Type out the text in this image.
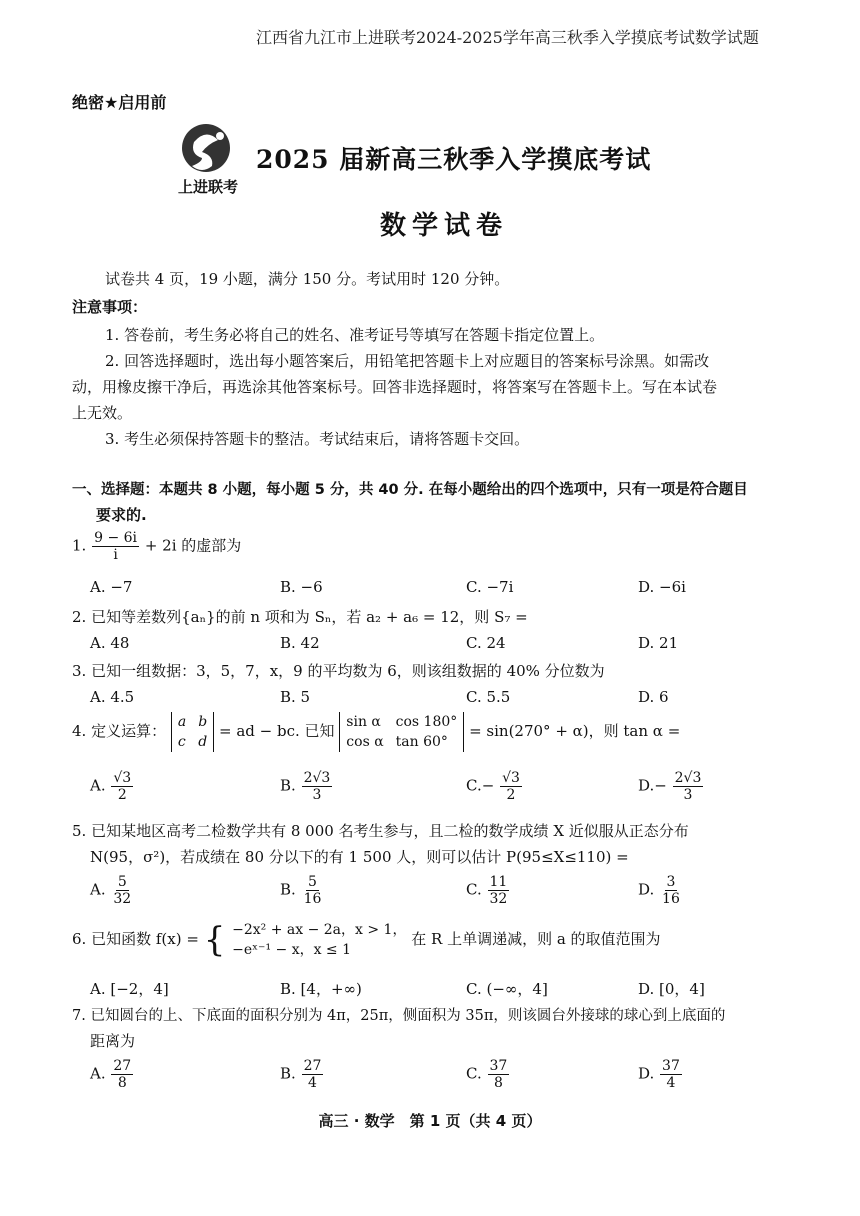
江西省九江市上进联考2024-2025学年高三秋季入学摸底考试数学试题
绝密★启用前
上进联考
2025 届新高三秋季入学摸底考试
数学试卷
试卷共 4 页，19 小题，满分 150 分。考试用时 120 分钟。
注意事项：
1. 答卷前，考生务必将自己的姓名、准考证号等填写在答题卡指定位置上。
2. 回答选择题时，选出每小题答案后，用铅笔把答题卡上对应题目的答案标号涂黑。如需改
动，用橡皮擦干净后，再选涂其他答案标号。回答非选择题时，将答案写在答题卡上。写在本试卷
上无效。
3. 考生必须保持答题卡的整洁。考试结束后，请将答题卡交回。
一、选择题：本题共 8 小题，每小题 5 分，共 40 分. 在每小题给出的四个选项中，只有一项是符合题目
要求的.
1. $\frac{9 - 6i}{i} + 2i$ 的虚部为
A. −7	B. −6	C. −7i	D. −6i
2. 已知等差数列{aₙ}的前 n 项和为 Sₙ，若 a₂ + a₆ = 12，则 S₇ =
A. 48	B. 42	C. 24	D. 21
3. 已知一组数据：3，5，7，x，9 的平均数为 6，则该组数据的 40% 分位数为
A. 4.5	B. 5	C. 5.5	D. 6
4. 定义运算： a	b
c	d = ad − bc. 已知 sin α	cos 180°
cos α	tan 60° = sin(270° + α)，则 tan α =
A. $\frac{√3}{2}$	B. $\frac{2√3}{3}$	$C.- \frac{√3}{2}$	$D.- \frac{2√3}{3}$
5. 已知某地区高考二检数学共有 8 000 名考生参与，且二检的数学成绩 X 近似服从正态分布
N(95，σ²)，若成绩在 80 分以下的有 1 500 人，则可以估计 P(95≤X≤110) =
A. $\frac{5}{32}$	B. $\frac{5}{16}$	C. $\frac{11}{32}$	D. $\frac{3}{16}$
6. 已知函数 f(x) = { −2x² + ax − 2a，x > 1，
−eˣ⁻¹ − x，x ≤ 1
在 R 上单调递减，则 a 的取值范围为
A. [−2，4]	B. [4，+∞)	C. (−∞，4]	D. [0，4]
7. 已知圆台的上、下底面的面积分别为 4π，25π，侧面积为 35π，则该圆台外接球的球心到上底面的
距离为
A. $\frac{27}{8}$	B. $\frac{27}{4}$	C. $\frac{37}{8}$	D. $\frac{37}{4}$
高三 · 数学　第 1 页（共 4 页）
